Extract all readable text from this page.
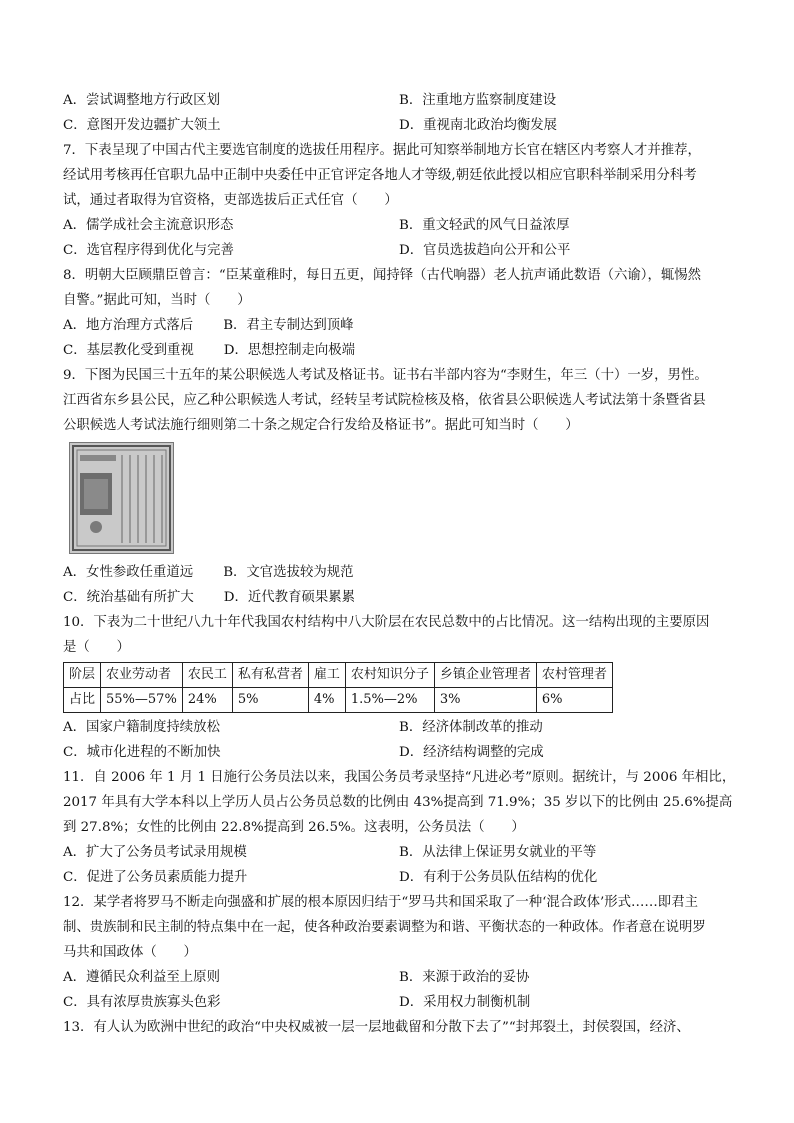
A．尝试调整地方行政区划	B．注重地方监察制度建设
C．意图开发边疆扩大领土	D．重视南北政治均衡发展
7．下表呈现了中国古代主要选官制度的选拔任用程序。据此可知察举制地方长官在辖区内考察人才并推荐，
经试用考核再任官职九品中正制中央委任中正官评定各地人才等级,朝廷依此授以相应官职科举制采用分科考
试，通过者取得为官资格，吏部选拔后正式任官（　　）
A．儒学成社会主流意识形态	B．重文轻武的风气日益浓厚
C．选官程序得到优化与完善	D．官员选拔趋向公开和公平
8．明朝大臣顾鼎臣曾言：“臣某童稚时，每日五更，闻持铎（古代响器）老人抗声诵此数语（六谕），辄惕然
自警。”据此可知，当时（　　）
A．地方治理方式落后 B．君主专制达到顶峰
C．基层教化受到重视 D．思想控制走向极端
9．下图为民国三十五年的某公职候选人考试及格证书。证书右半部内容为“李财生，年三（十）一岁，男性。
江西省东乡县公民，应乙种公职候选人考试，经转呈考试院检核及格，依省县公职候选人考试法第十条暨省县
公职候选人考试法施行细则第二十条之规定合行发给及格证书”。据此可知当时（　　）
A．女性参政任重道远 B．文官选拔较为规范
C．统治基础有所扩大 D．近代教育硕果累累
10．下表为二十世纪八九十年代我国农村结构中八大阶层在农民总数中的占比情况。这一结构出现的主要原因
是（　　）
阶层	农业劳动者	农民工	私有私营者	雇工	农村知识分子	乡镇企业管理者	农村管理者
占比	55%—57%	24%	5%	4%	1.5%—2%	3%	6%
A．国家户籍制度持续放松	B．经济体制改革的推动
C．城市化进程的不断加快	D．经济结构调整的完成
11．自 2006 年 1 月 1 日施行公务员法以来，我国公务员考录坚持“凡进必考”原则。据统计，与 2006 年相比，
2017 年具有大学本科以上学历人员占公务员总数的比例由 43%提高到 71.9%；35 岁以下的比例由 25.6%提高
到 27.8%；女性的比例由 22.8%提高到 26.5%。这表明，公务员法（　　）
A．扩大了公务员考试录用规模	B．从法律上保证男女就业的平等
C．促进了公务员素质能力提升	D．有利于公务员队伍结构的优化
12．某学者将罗马不断走向强盛和扩展的根本原因归结于“罗马共和国采取了一种‘混合政体’形式……即君主
制、贵族制和民主制的特点集中在一起，使各种政治要素调整为和谐、平衡状态的一种政体。作者意在说明罗
马共和国政体（　　）
A．遵循民众利益至上原则	B．来源于政治的妥协
C．具有浓厚贵族寡头色彩	D．采用权力制衡机制
13．有人认为欧洲中世纪的政治“中央权威被一层一层地截留和分散下去了”“封邦裂土，封侯裂国，经济、
